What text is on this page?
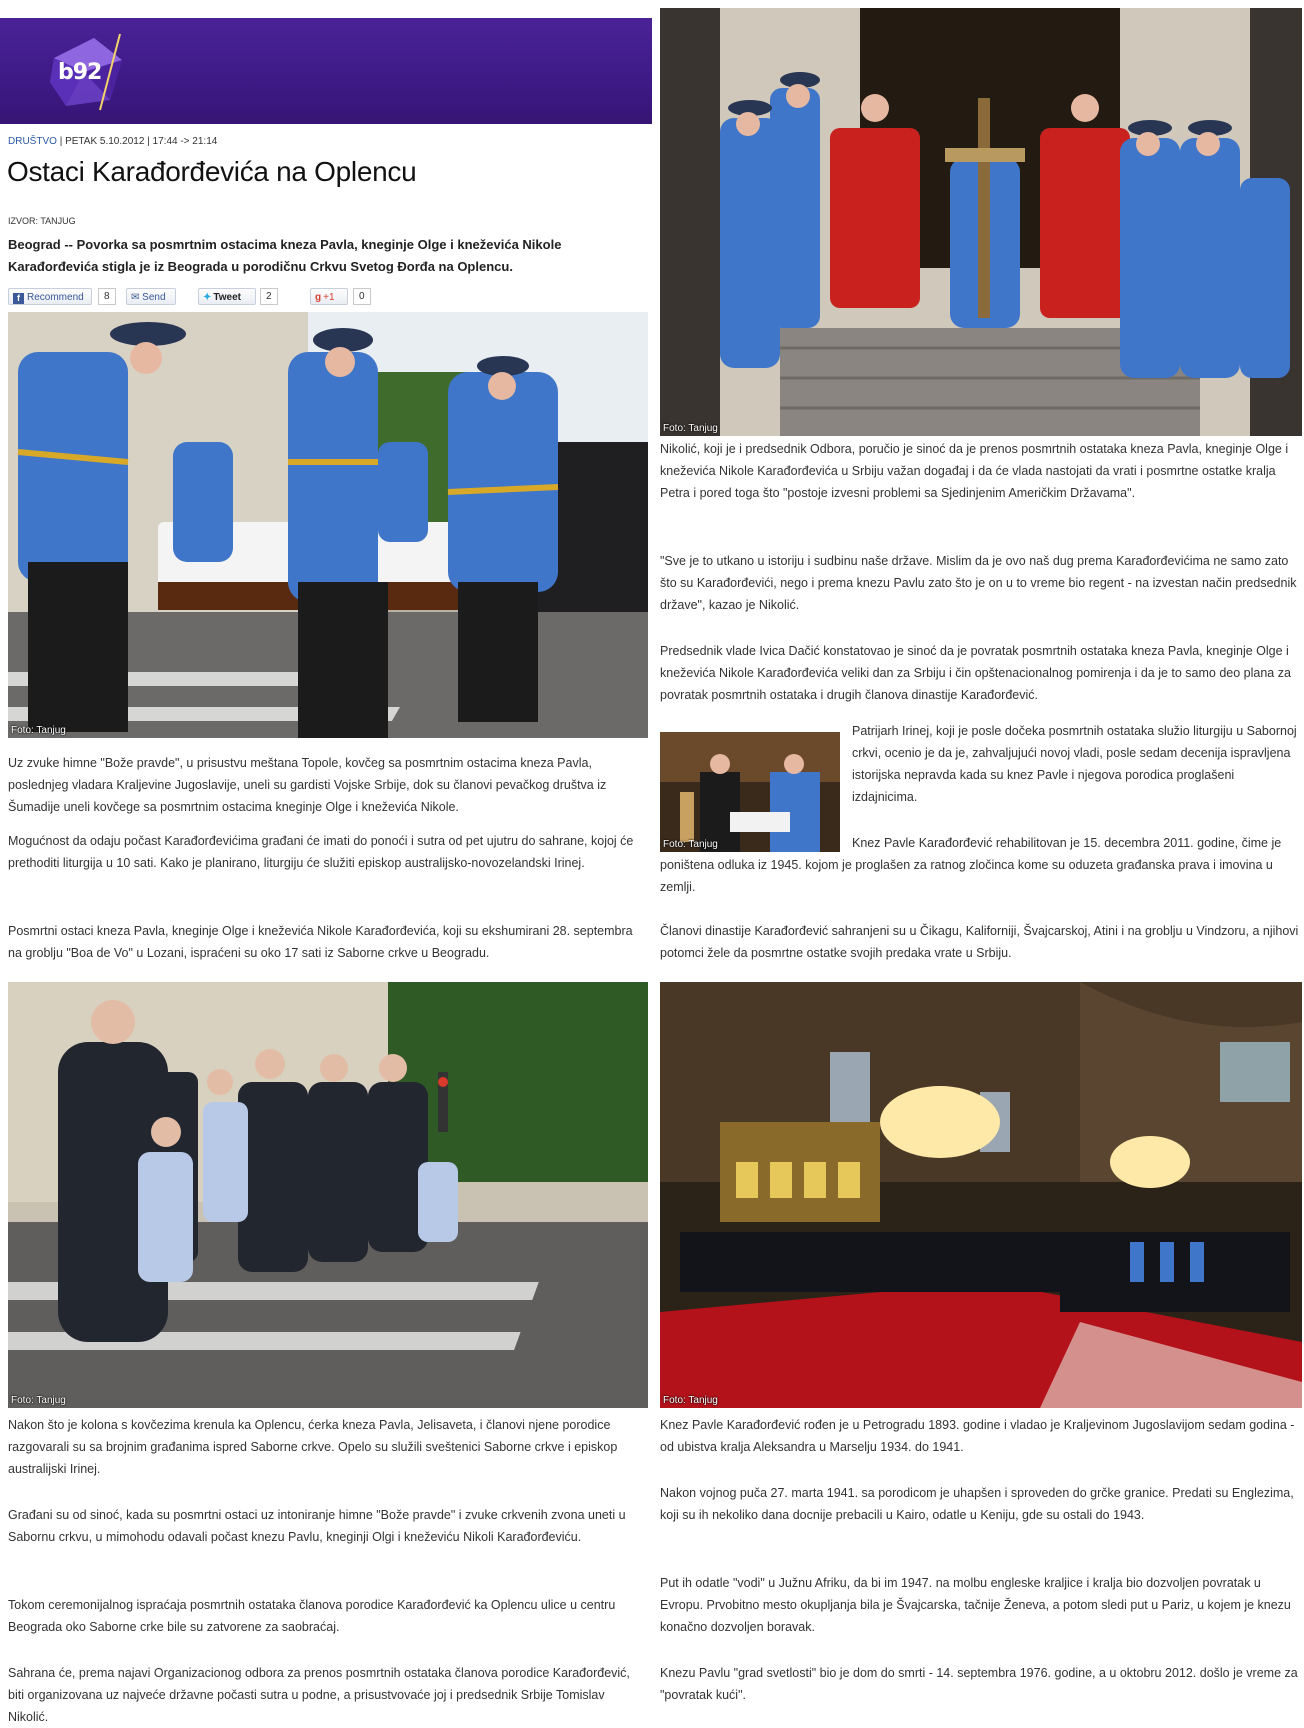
b92
DRUŠTVO | PETAK 5.10.2012 | 17:44 -> 21:14
Ostaci Karađorđevića na Oplencu
IZVOR: TANJUG
Beograd -- Povorka sa posmrtnim ostacima kneza Pavla, kneginje Olge i kneževića Nikole Karađorđevića stigla je iz Beograda u porodičnu Crkvu Svetog Đorđa na Oplencu.
f Recommend	8	✉ Send	✦ Tweet	2	g +1	0
Foto: Tanjug

Uz zvuke himne "Bože pravde", u prisustvu meštana Topole, kovčeg sa posmrtnim ostacima kneza Pavla, poslednjeg vladara Kraljevine Jugoslavije, uneli su gardisti Vojske Srbije, dok su članovi pevačkog društva iz Šumadije uneli kovčege sa posmrtnim ostacima kneginje Olge i kneževića Nikole.

Mogućnost da odaju počast Karađorđevićima građani će imati do ponoći i sutra od pet ujutru do sahrane, kojoj će prethoditi liturgija u 10 sati. Kako je planirano, liturgiju će služiti episkop australijsko-novozelandski Irinej.

Posmrtni ostaci kneza Pavla, kneginje Olge i kneževića Nikole Karađorđevića, koji su ekshumirani 28. septembra na groblju "Boa de Vo" u Lozani, ispraćeni su oko 17 sati iz Saborne crkve u Beogradu.

Foto: Tanjug

Nakon što je kolona s kovčezima krenula ka Oplencu, ćerka kneza Pavla, Jelisaveta, i članovi njene porodice razgovarali su sa brojnim građanima ispred Saborne crkve. Opelo su služili sveštenici Saborne crkve i episkop australijski Irinej.

Građani su od sinoć, kada su posmrtni ostaci uz intoniranje himne "Bože pravde" i zvuke crkvenih zvona uneti u Sabornu crkvu, u mimohodu odavali počast knezu Pavlu, kneginji Olgi i kneževiću Nikoli Karađorđeviću.

Tokom ceremonijalnog ispraćaja posmrtnih ostataka članova porodice Karađorđević ka Oplencu ulice u centru Beograda oko Saborne crke bile su zatvorene za saobraćaj.

Sahrana će, prema najavi Organizacionog odbora za prenos posmrtnih ostataka članova porodice Karađorđević, biti organizovana uz najveće državne počasti sutra u podne, a prisustvovaće joj i predsednik Srbije Tomislav Nikolić.

Foto: Tanjug

Nikolić, koji je i predsednik Odbora, poručio je sinoć da je prenos posmrtnih ostataka kneza Pavla, kneginje Olge i kneževića Nikole Karađorđevića u Srbiju važan događaj i da će vlada nastojati da vrati i posmrtne ostatke kralja Petra i pored toga što "postoje izvesni problemi sa Sjedinjenim Američkim Državama".

"Sve je to utkano u istoriju i sudbinu naše države. Mislim da je ovo naš dug prema Karađorđevićima ne samo zato što su Karađorđevići, nego i prema knezu Pavlu zato što je on u to vreme bio regent - na izvestan način predsednik države", kazao je Nikolić.

Predsednik vlade Ivica Dačić konstatovao je sinoć da je povratak posmrtnih ostataka kneza Pavla, kneginje Olge i kneževića Nikole Karađorđevića veliki dan za Srbiju i čin opštenacionalnog pomirenja i da je to samo deo plana za povratak posmrtnih ostataka i drugih članova dinastije Karađorđević.

Foto: Tanjug

Patrijarh Irinej, koji je posle dočeka posmrtnih ostataka služio liturgiju u Sabornoj crkvi, ocenio je da je, zahvaljujući novoj vladi, posle sedam decenija ispravljena istorijska nepravda kada su knez Pavle i njegova porodica proglašeni izdajnicima.

Knez Pavle Karađorđević rehabilitovan je 15. decembra 2011. godine, čime je poništena odluka iz 1945. kojom je proglašen za ratnog zločinca kome su oduzeta građanska prava i imovina u zemlji.

Članovi dinastije Karađorđević sahranjeni su u Čikagu, Kaliforniji, Švajcarskoj, Atini i na groblju u Vindzoru, a njihovi potomci žele da posmrtne ostatke svojih predaka vrate u Srbiju.

Foto: Tanjug

Knez Pavle Karađorđević rođen je u Petrogradu 1893. godine i vladao je Kraljevinom Jugoslavijom sedam godina - od ubistva kralja Aleksandra u Marselju 1934. do 1941.

Nakon vojnog puča 27. marta 1941. sa porodicom je uhapšen i sproveden do grčke granice. Predati su Englezima, koji su ih nekoliko dana docnije prebacili u Kairo, odatle u Keniju, gde su ostali do 1943.

Put ih odatle "vodi" u Južnu Afriku, da bi im 1947. na molbu engleske kraljice i kralja bio dozvoljen povratak u Evropu. Prvobitno mesto okupljanja bila je Švajcarska, tačnije Ženeva, a potom sledi put u Pariz, u kojem je knezu konačno dozvoljen boravak.

Knezu Pavlu "grad svetlosti" bio je dom do smrti - 14. septembra 1976. godine, a u oktobru 2012. došlo je vreme za "povratak kući".
